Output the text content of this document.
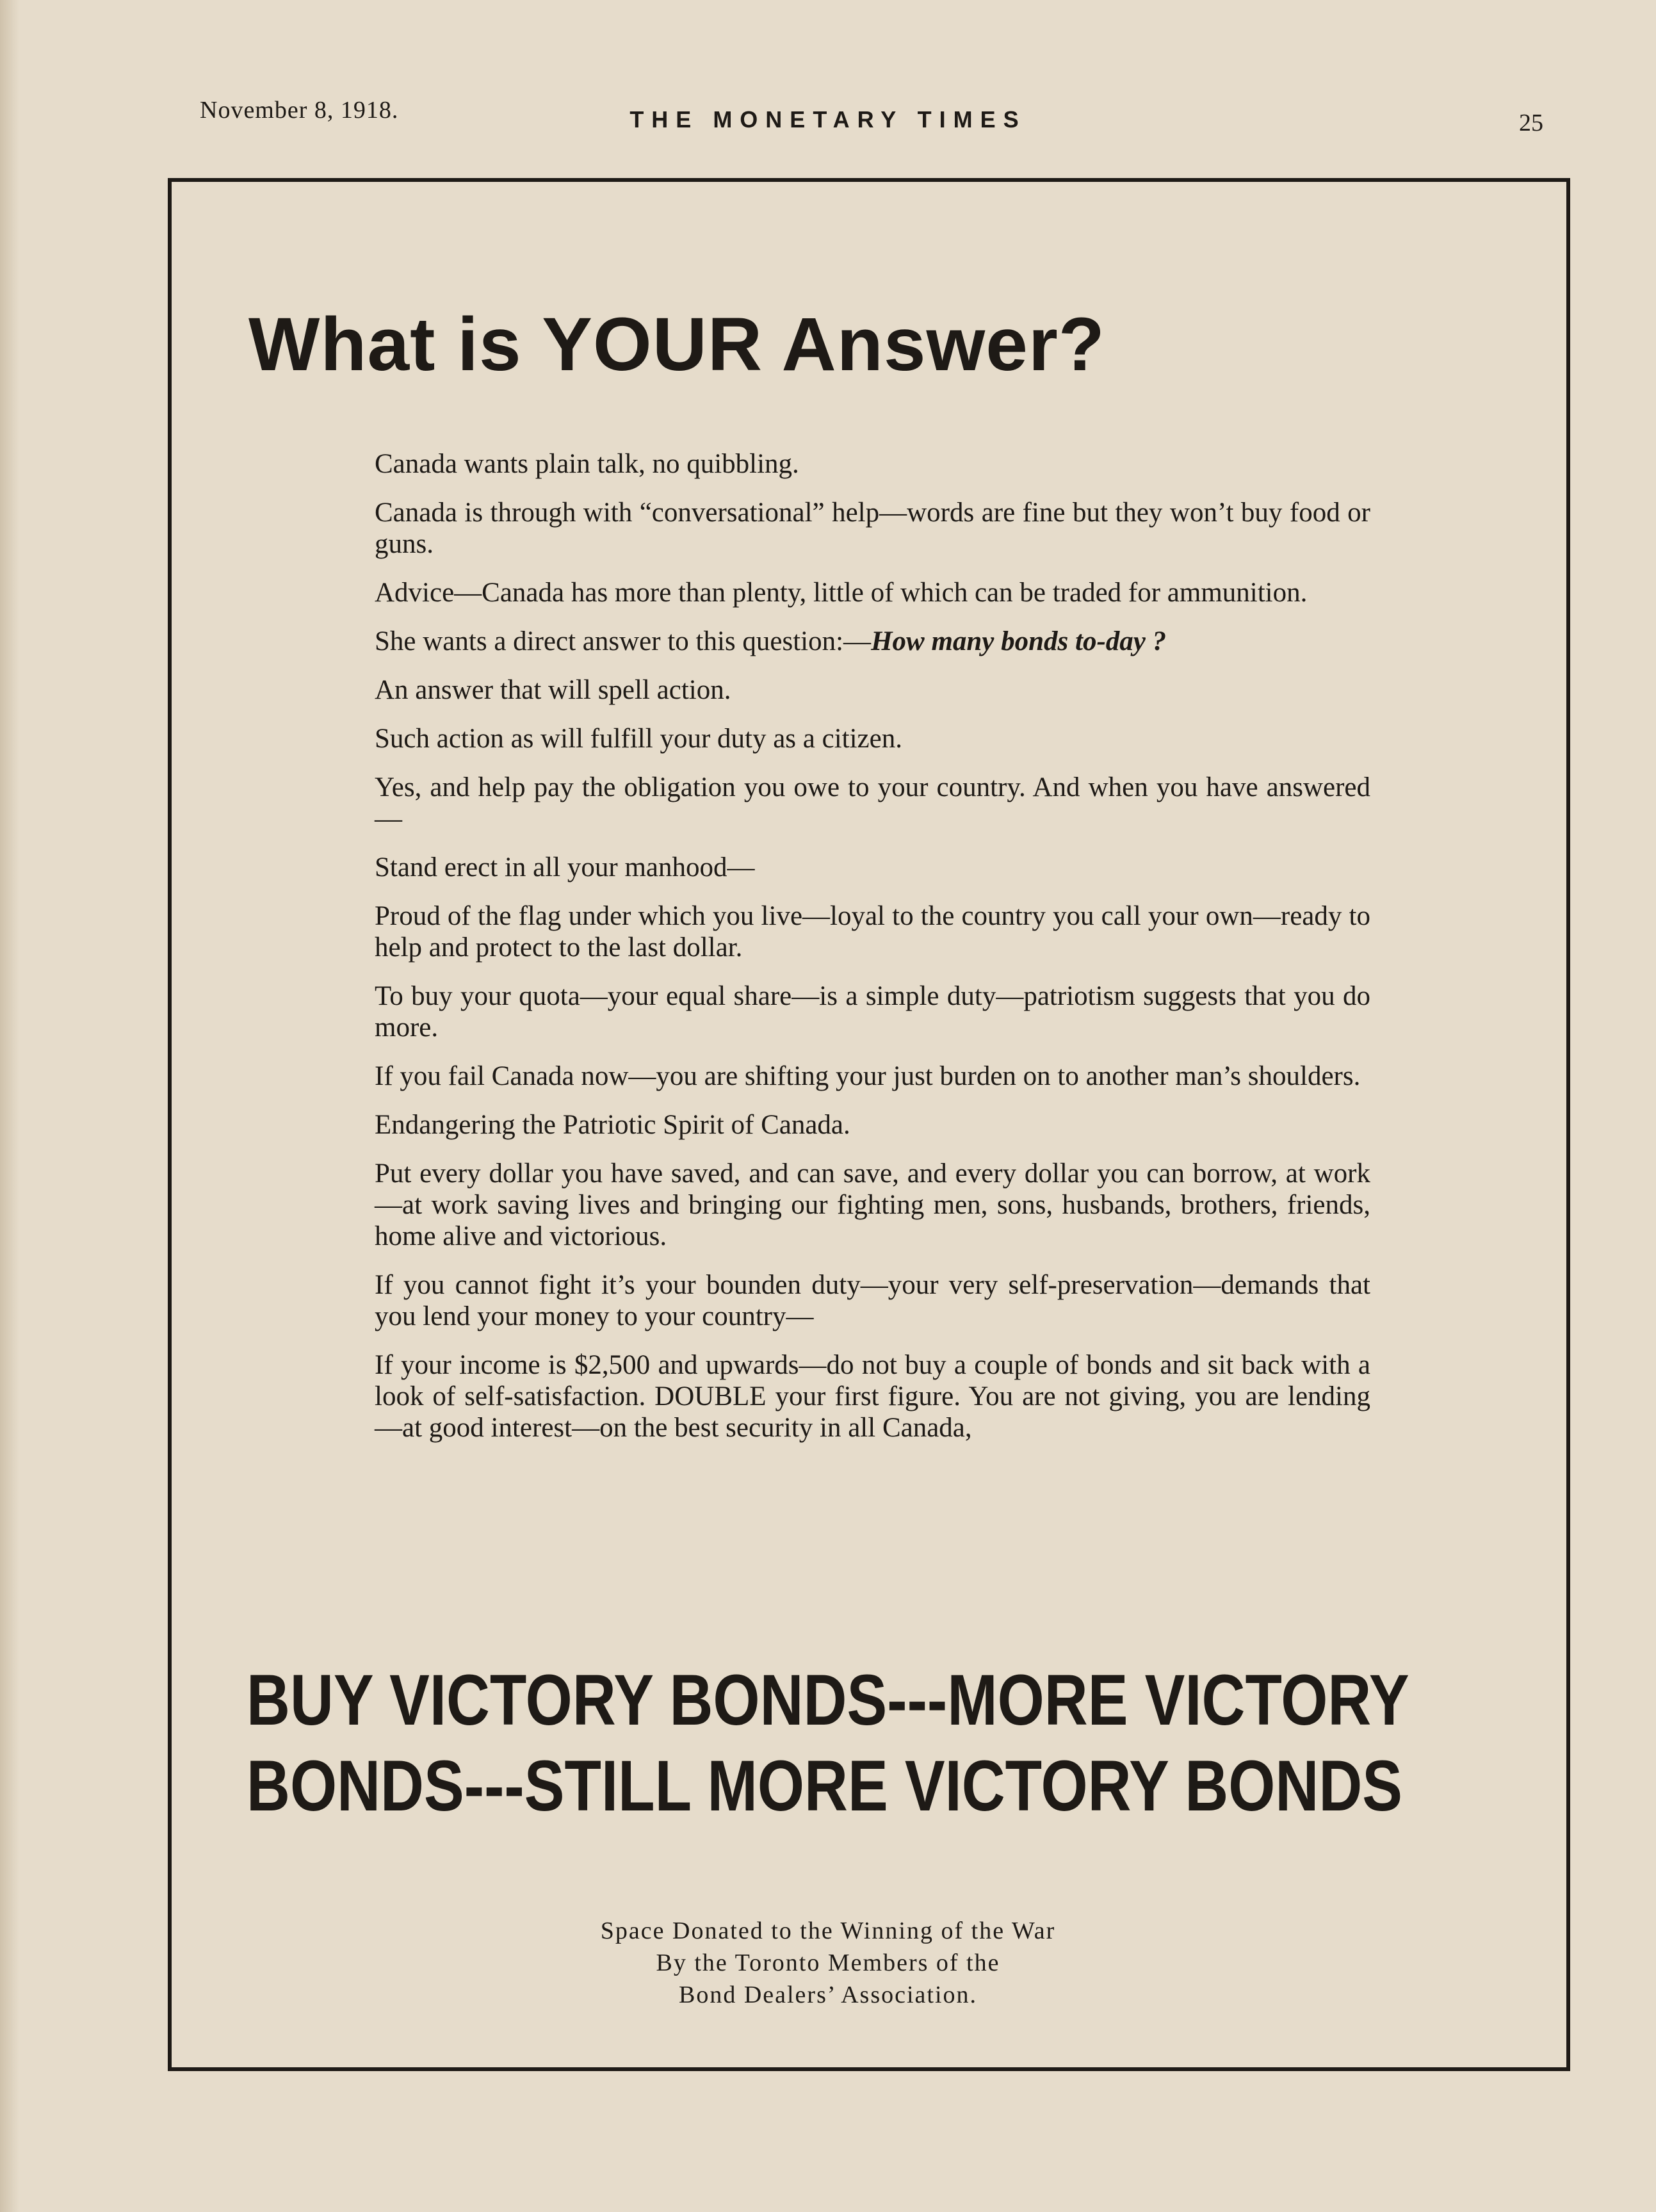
November 8, 1918.	THE MONETARY TIMES	25
What is YOUR Answer?

Canada wants plain talk, no quibbling.

Canada is through with “conversational” help—words are fine but they won’t buy food or guns.

Advice—Canada has more than plenty, little of which can be traded for ammunition.

She wants a direct answer to this question:—How many bonds to-day ?

An answer that will spell action.

Such action as will fulfill your duty as a citizen.

Yes, and help pay the obligation you owe to your country. And when you have answered—

Stand erect in all your manhood—

Proud of the flag under which you live—loyal to the country you call your own—ready to help and protect to the last dollar.

To buy your quota—your equal share—is a simple duty—patriotism suggests that you do more.

If you fail Canada now—you are shifting your just burden on to another man’s shoulders.

Endangering the Patriotic Spirit of Canada.

Put every dollar you have saved, and can save, and every dollar you can borrow, at work—at work saving lives and bringing our fighting men, sons, husbands, brothers, friends, home alive and victorious.

If you cannot fight it’s your bounden duty—your very self-preservation—demands that you lend your money to your country—

If your income is $2,500 and upwards—do not buy a couple of bonds and sit back with a look of self-satisfaction. DOUBLE your first figure. You are not giving, you are lending—at good interest—on the best security in all Canada,

BUY VICTORY BONDS---MORE VICTORY
BONDS---STILL MORE VICTORY BONDS
Space Donated to the Winning of the War
By the Toronto Members of the
Bond Dealers’ Association.
